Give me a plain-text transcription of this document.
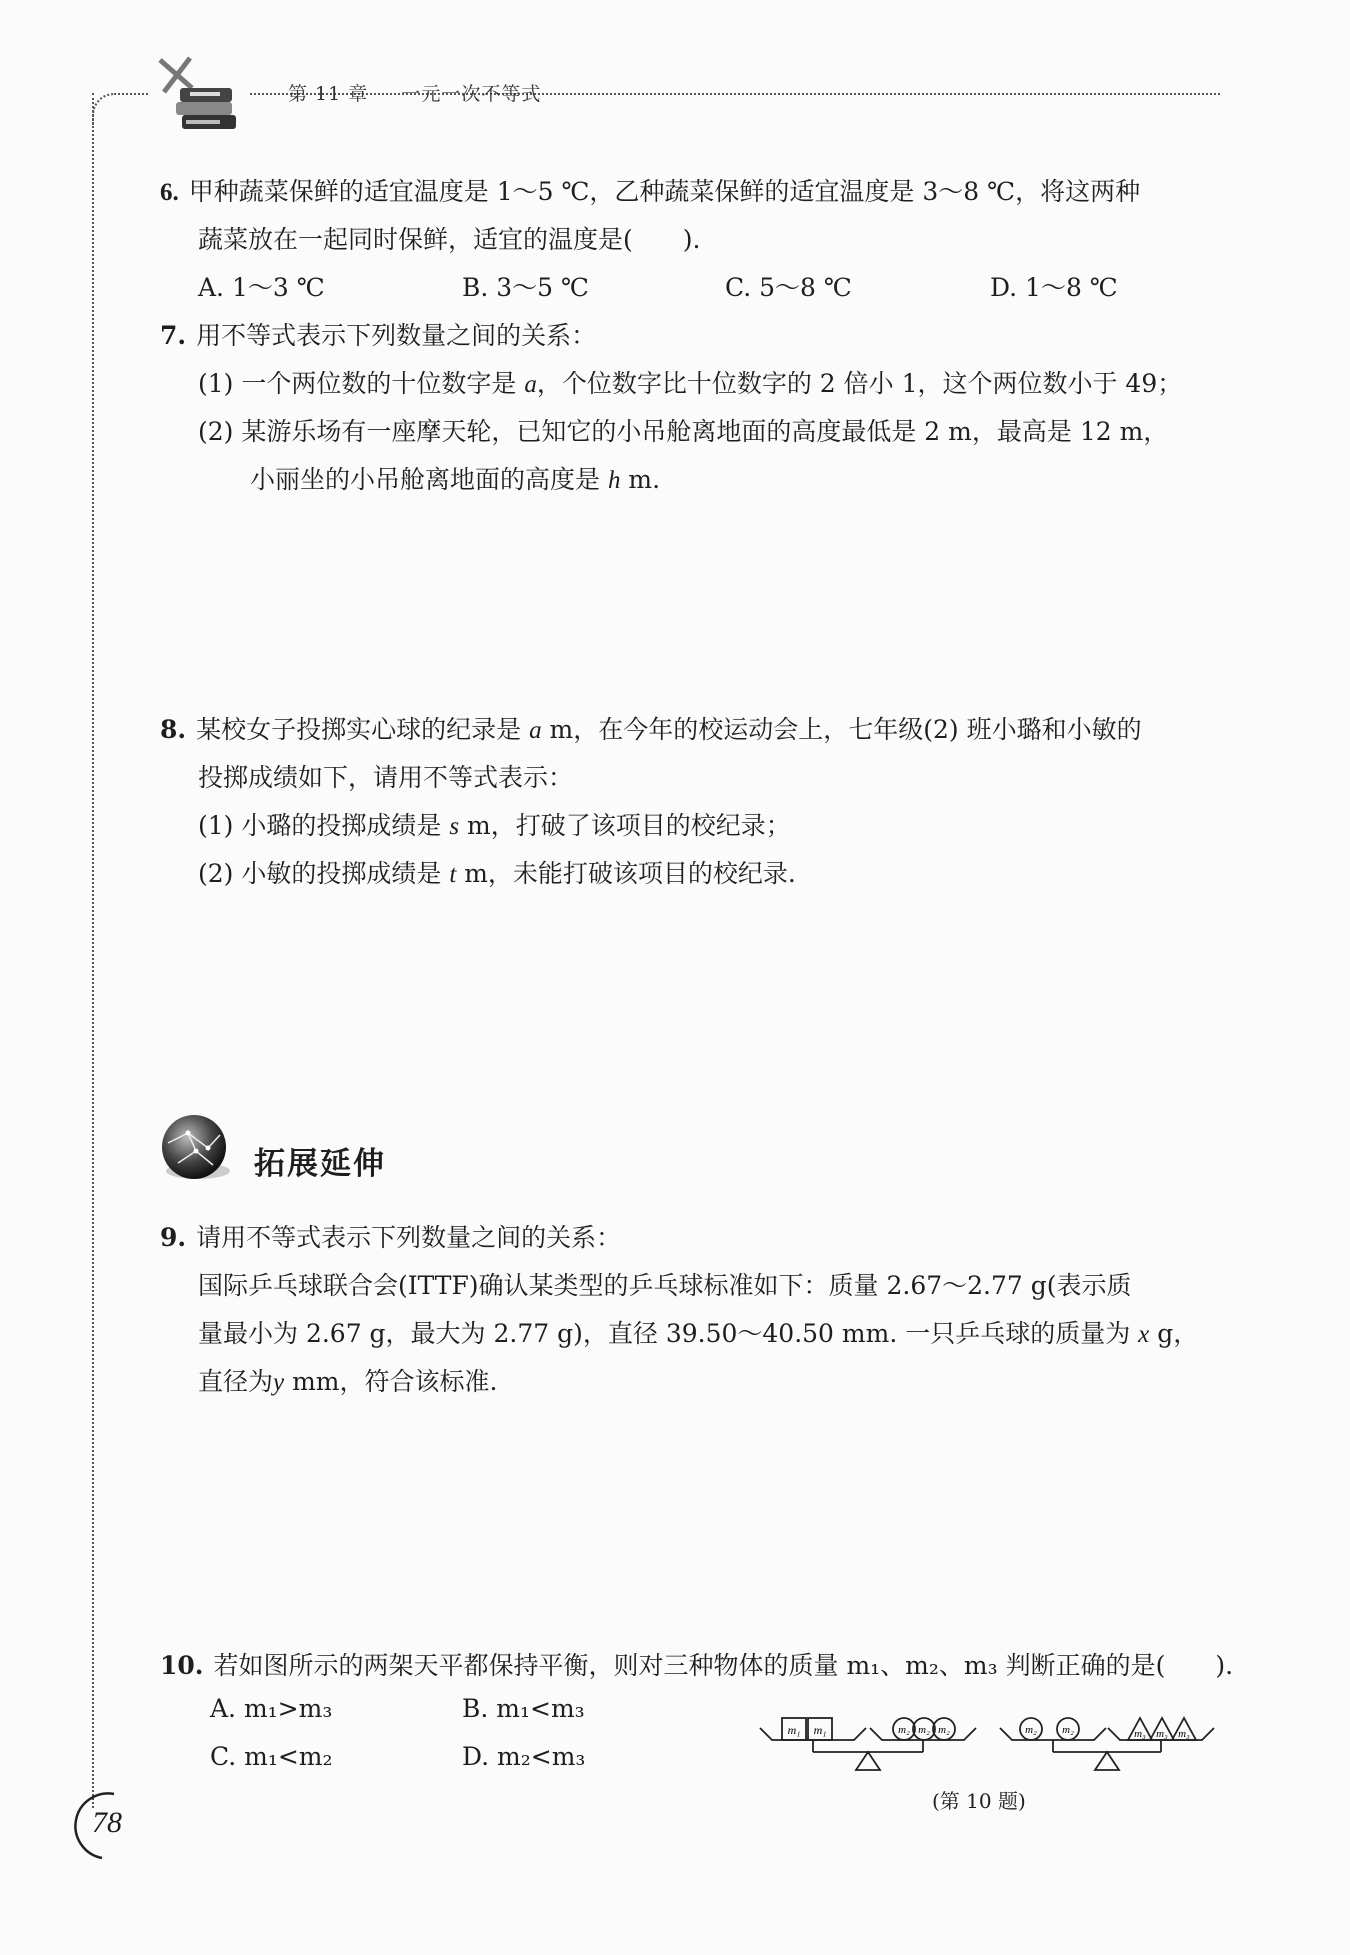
第 11 章 一元一次不等式
6. 甲种蔬菜保鲜的适宜温度是 1～5 ℃，乙种蔬菜保鲜的适宜温度是 3～8 ℃，将这两种
蔬菜放在一起同时保鲜，适宜的温度是(　　).
A. 1～3 ℃	B. 3～5 ℃	C. 5～8 ℃	D. 1～8 ℃
7. 用不等式表示下列数量之间的关系：
(1) 一个两位数的十位数字是 a，个位数字比十位数字的 2 倍小 1，这个两位数小于 49；
(2) 某游乐场有一座摩天轮，已知它的小吊舱离地面的高度最低是 2 m，最高是 12 m，
小丽坐的小吊舱离地面的高度是 h m.
8. 某校女子投掷实心球的纪录是 a m，在今年的校运动会上，七年级(2) 班小璐和小敏的
投掷成绩如下，请用不等式表示：
(1) 小璐的投掷成绩是 s m，打破了该项目的校纪录；
(2) 小敏的投掷成绩是 t m，未能打破该项目的校纪录.
拓展延伸
9. 请用不等式表示下列数量之间的关系：
国际乒乓球联合会(ITTF)确认某类型的乒乓球标准如下：质量 2.67～2.77 g(表示质
量最小为 2.67 g，最大为 2.77 g)，直径 39.50～40.50 mm. 一只乒乓球的质量为 x g，
直径为y mm，符合该标准.
10. 若如图所示的两架天平都保持平衡，则对三种物体的质量 m₁、m₂、m₃ 判断正确的是(　　).
A. m₁>m₃	B. m₁<m₃
C. m₁<m₂	D. m₂<m₃
m₁ m₁	m₂ m₂ m₂	m₂ m₂	m₃ m₃ m₃
(第 10 题)
78
